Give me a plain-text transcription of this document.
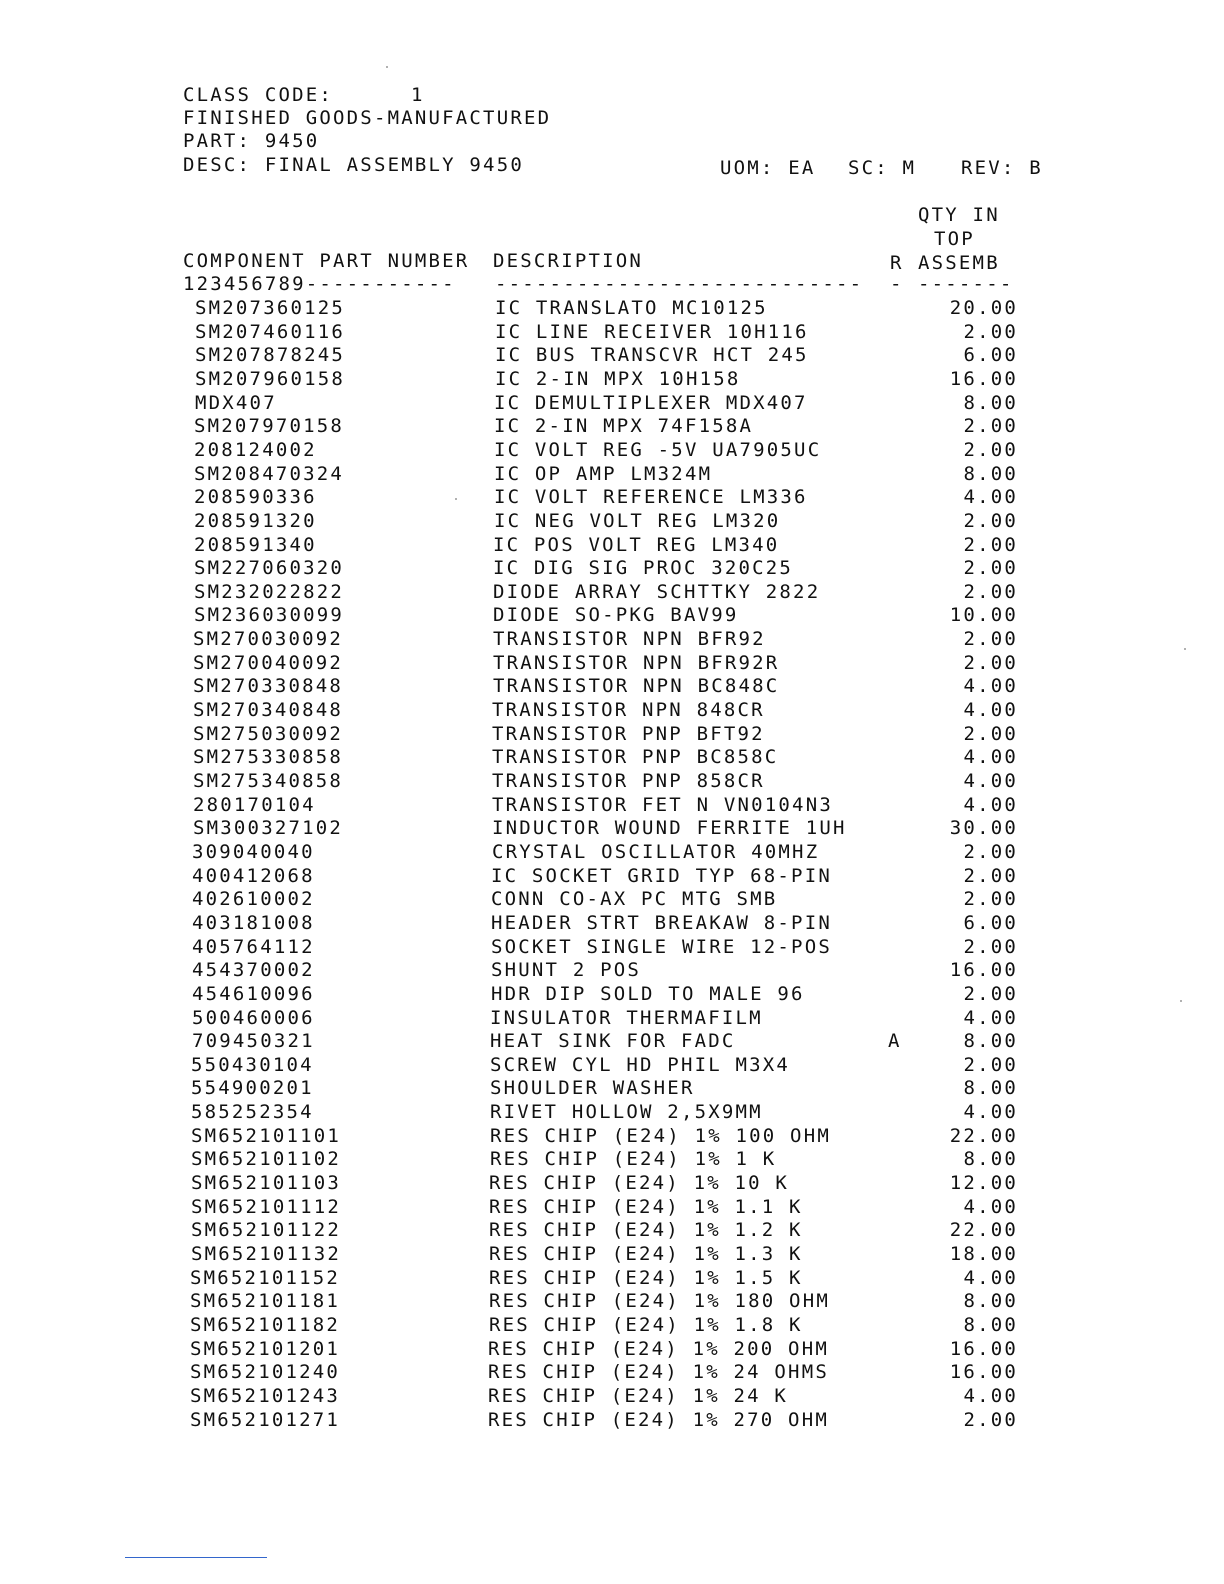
CLASS CODE:	1
FINISHED GOODS-MANUFACTURED
PART: 9450
DESC: FINAL ASSEMBLY 9450	UOM: EA SC: M REV: B
QTY IN
TOP
COMPONENT PART NUMBER DESCRIPTION	R ASSEMB
123456789----------- --------------------------- - -------
SM207360125	IC TRANSLATO MC10125	20.00
SM207460116	IC LINE RECEIVER 10H116	2.00
SM207878245	IC BUS TRANSCVR HCT 245	6.00
SM207960158	IC 2-IN MPX 10H158	16.00
MDX407	IC DEMULTIPLEXER MDX407	8.00
SM207970158	IC 2-IN MPX 74F158A	2.00
208124002	IC VOLT REG -5V UA7905UC	2.00
SM208470324	IC OP AMP LM324M	8.00
208590336	IC VOLT REFERENCE LM336	4.00
208591320	IC NEG VOLT REG LM320	2.00
208591340	IC POS VOLT REG LM340	2.00
SM227060320	IC DIG SIG PROC 320C25	2.00
SM232022822	DIODE ARRAY SCHTTKY 2822	2.00
SM236030099	DIODE SO-PKG BAV99	10.00
SM270030092	TRANSISTOR NPN BFR92	2.00
SM270040092	TRANSISTOR NPN BFR92R	2.00
SM270330848	TRANSISTOR NPN BC848C	4.00
SM270340848	TRANSISTOR NPN 848CR	4.00
SM275030092	TRANSISTOR PNP BFT92	2.00
SM275330858	TRANSISTOR PNP BC858C	4.00
SM275340858	TRANSISTOR PNP 858CR	4.00
280170104	TRANSISTOR FET N VN0104N3	4.00
SM300327102	INDUCTOR WOUND FERRITE 1UH	30.00
309040040	CRYSTAL OSCILLATOR 40MHZ	2.00
400412068	IC SOCKET GRID TYP 68-PIN	2.00
402610002	CONN CO-AX PC MTG SMB	2.00
403181008	HEADER STRT BREAKAW 8-PIN	6.00
405764112	SOCKET SINGLE WIRE 12-POS	2.00
454370002	SHUNT 2 POS	16.00
454610096	HDR DIP SOLD TO MALE 96	2.00
500460006	INSULATOR THERMAFILM	4.00
709450321	HEAT SINK FOR FADC	A	8.00
550430104	SCREW CYL HD PHIL M3X4	2.00
554900201	SHOULDER WASHER	8.00
585252354	RIVET HOLLOW 2,5X9MM	4.00
SM652101101	RES CHIP (E24) 1% 100 OHM	22.00
SM652101102	RES CHIP (E24) 1% 1 K	8.00
SM652101103	RES CHIP (E24) 1% 10 K	12.00
SM652101112	RES CHIP (E24) 1% 1.1 K	4.00
SM652101122	RES CHIP (E24) 1% 1.2 K	22.00
SM652101132	RES CHIP (E24) 1% 1.3 K	18.00
SM652101152	RES CHIP (E24) 1% 1.5 K	4.00
SM652101181	RES CHIP (E24) 1% 180 OHM	8.00
SM652101182	RES CHIP (E24) 1% 1.8 K	8.00
SM652101201	RES CHIP (E24) 1% 200 OHM	16.00
SM652101240	RES CHIP (E24) 1% 24 OHMS	16.00
SM652101243	RES CHIP (E24) 1% 24 K	4.00
SM652101271	RES CHIP (E24) 1% 270 OHM	2.00
